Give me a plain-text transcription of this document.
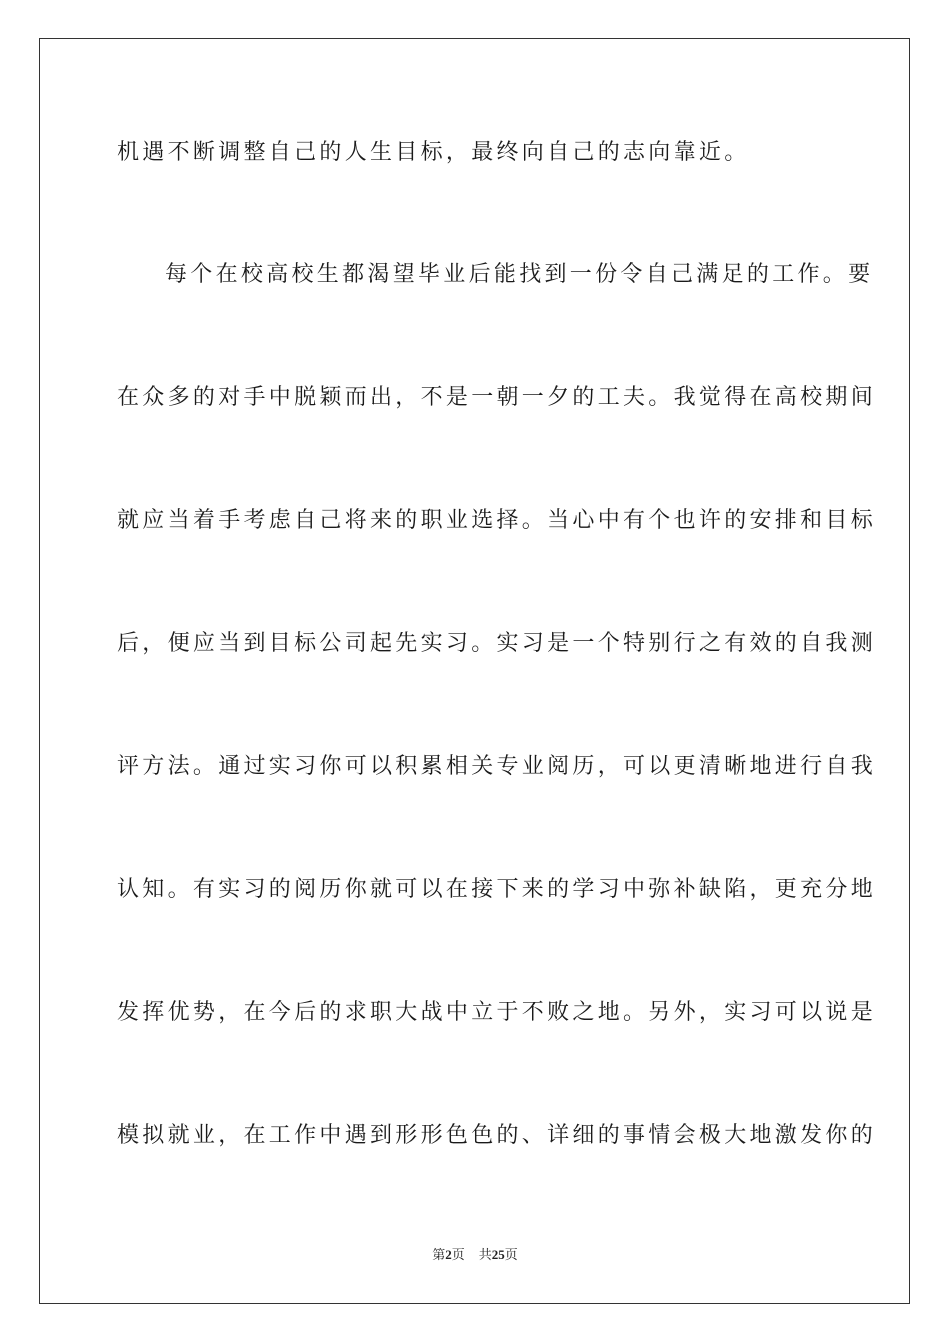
机遇不断调整自己的人生目标，最终向自己的志向靠近。
每个在校高校生都渴望毕业后能找到一份令自己满足的工作。要
在众多的对手中脱颖而出，不是一朝一夕的工夫。我觉得在高校期间
就应当着手考虑自己将来的职业选择。当心中有个也许的安排和目标
后，便应当到目标公司起先实习。实习是一个特别行之有效的自我测
评方法。通过实习你可以积累相关专业阅历，可以更清晰地进行自我
认知。有实习的阅历你就可以在接下来的学习中弥补缺陷，更充分地
发挥优势，在今后的求职大战中立于不败之地。另外，实习可以说是
模拟就业，在工作中遇到形形色色的、详细的事情会极大地激发你的
第2页 共25页
